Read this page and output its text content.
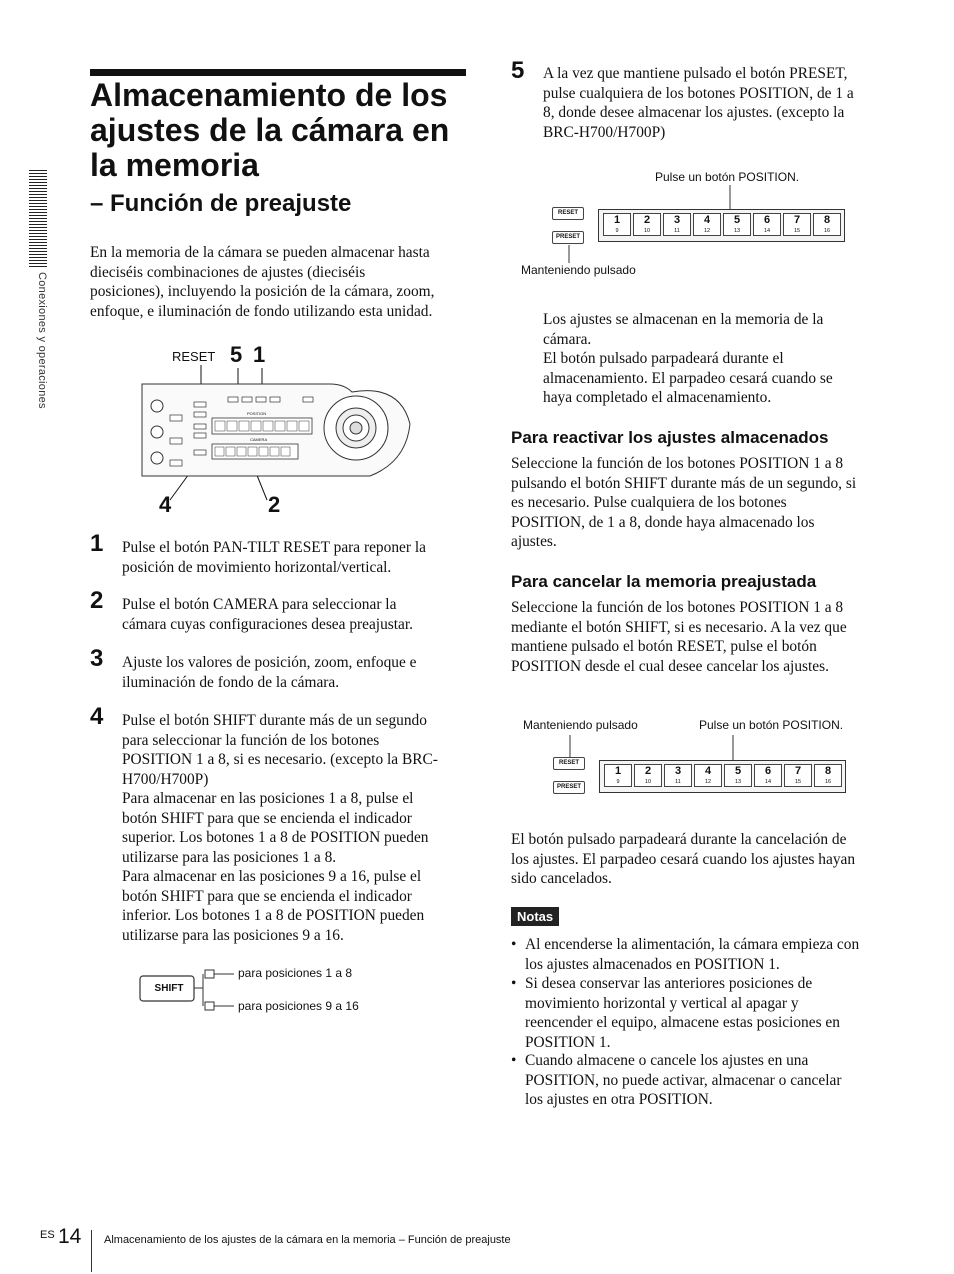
Conexiones y operaciones
Almacenamiento de los
ajustes de la cámara en
la memoria
– Función de preajuste
En la memoria de la cámara se pueden almacenar hasta
dieciséis combinaciones de ajustes (dieciséis
posiciones), incluyendo la posición de la cámara, zoom,
enfoque, e iluminación de fondo utilizando esta unidad.
RESET 5 1
4	2
POSITION
CAMERA
1 Pulse el botón PAN-TILT RESET para reponer la
posición de movimiento horizontal/vertical.
2 Pulse el botón CAMERA para seleccionar la
cámara cuyas configuraciones desea preajustar.
3 Ajuste los valores de posición, zoom, enfoque e
iluminación de fondo de la cámara.
4 Pulse el botón SHIFT durante más de un segundo
para seleccionar la función de los botones
POSITION 1 a 8, si es necesario. (excepto la BRC-
H700/H700P)
Para almacenar en las posiciones 1 a 8, pulse el
botón SHIFT para que se encienda el indicador
superior. Los botones 1 a 8 de POSITION pueden
utilizarse para las posiciones 1 a 8.
Para almacenar en las posiciones 9 a 16, pulse el
botón SHIFT para que se encienda el indicador
inferior. Los botones 1 a 8 de POSITION pueden
utilizarse para las posiciones 9 a 16.
SHIFT
para posiciones 1 a 8
para posiciones 9 a 16
5 A la vez que mantiene pulsado el botón PRESET,
pulse cualquiera de los botones POSITION, de 1 a
8, donde desee almacenar los ajustes. (excepto la
BRC-H700/H700P)
Pulse un botón POSITION.
RESET
PRESET
1
9
2
10
3
11
4
12
5
13
6
14
7
15
8
16
Manteniendo pulsado
Los ajustes se almacenan en la memoria de la
cámara.
El botón pulsado parpadeará durante el
almacenamiento. El parpadeo cesará cuando se
haya completado el almacenamiento.
Para reactivar los ajustes almacenados
Seleccione la función de los botones POSITION 1 a 8
pulsando el botón SHIFT durante más de un segundo, si
es necesario. Pulse cualquiera de los botones
POSITION, de 1 a 8, donde haya almacenado los
ajustes.
Para cancelar la memoria preajustada
Seleccione la función de los botones POSITION 1 a 8
mediante el botón SHIFT, si es necesario. A la vez que
mantiene pulsado el botón RESET, pulse el botón
POSITION desde el cual desee cancelar los ajustes.
Manteniendo pulsado	Pulse un botón POSITION.
RESET
PRESET
1
9
2
10
3
11
4
12
5
13
6
14
7
15
8
16
El botón pulsado parpadeará durante la cancelación de
los ajustes. El parpadeo cesará cuando los ajustes hayan
sido cancelados.
Notas
• Al encenderse la alimentación, la cámara empieza con
los ajustes almacenados en POSITION 1.
• Si desea conservar las anteriores posiciones de
movimiento horizontal y vertical al apagar y
reencender el equipo, almacene estas posiciones en
POSITION 1.
• Cuando almacene o cancele los ajustes en una
POSITION, no puede activar, almacenar o cancelar
los ajustes en otra POSITION.
ES 14 Almacenamiento de los ajustes de la cámara en la memoria – Función de preajuste
